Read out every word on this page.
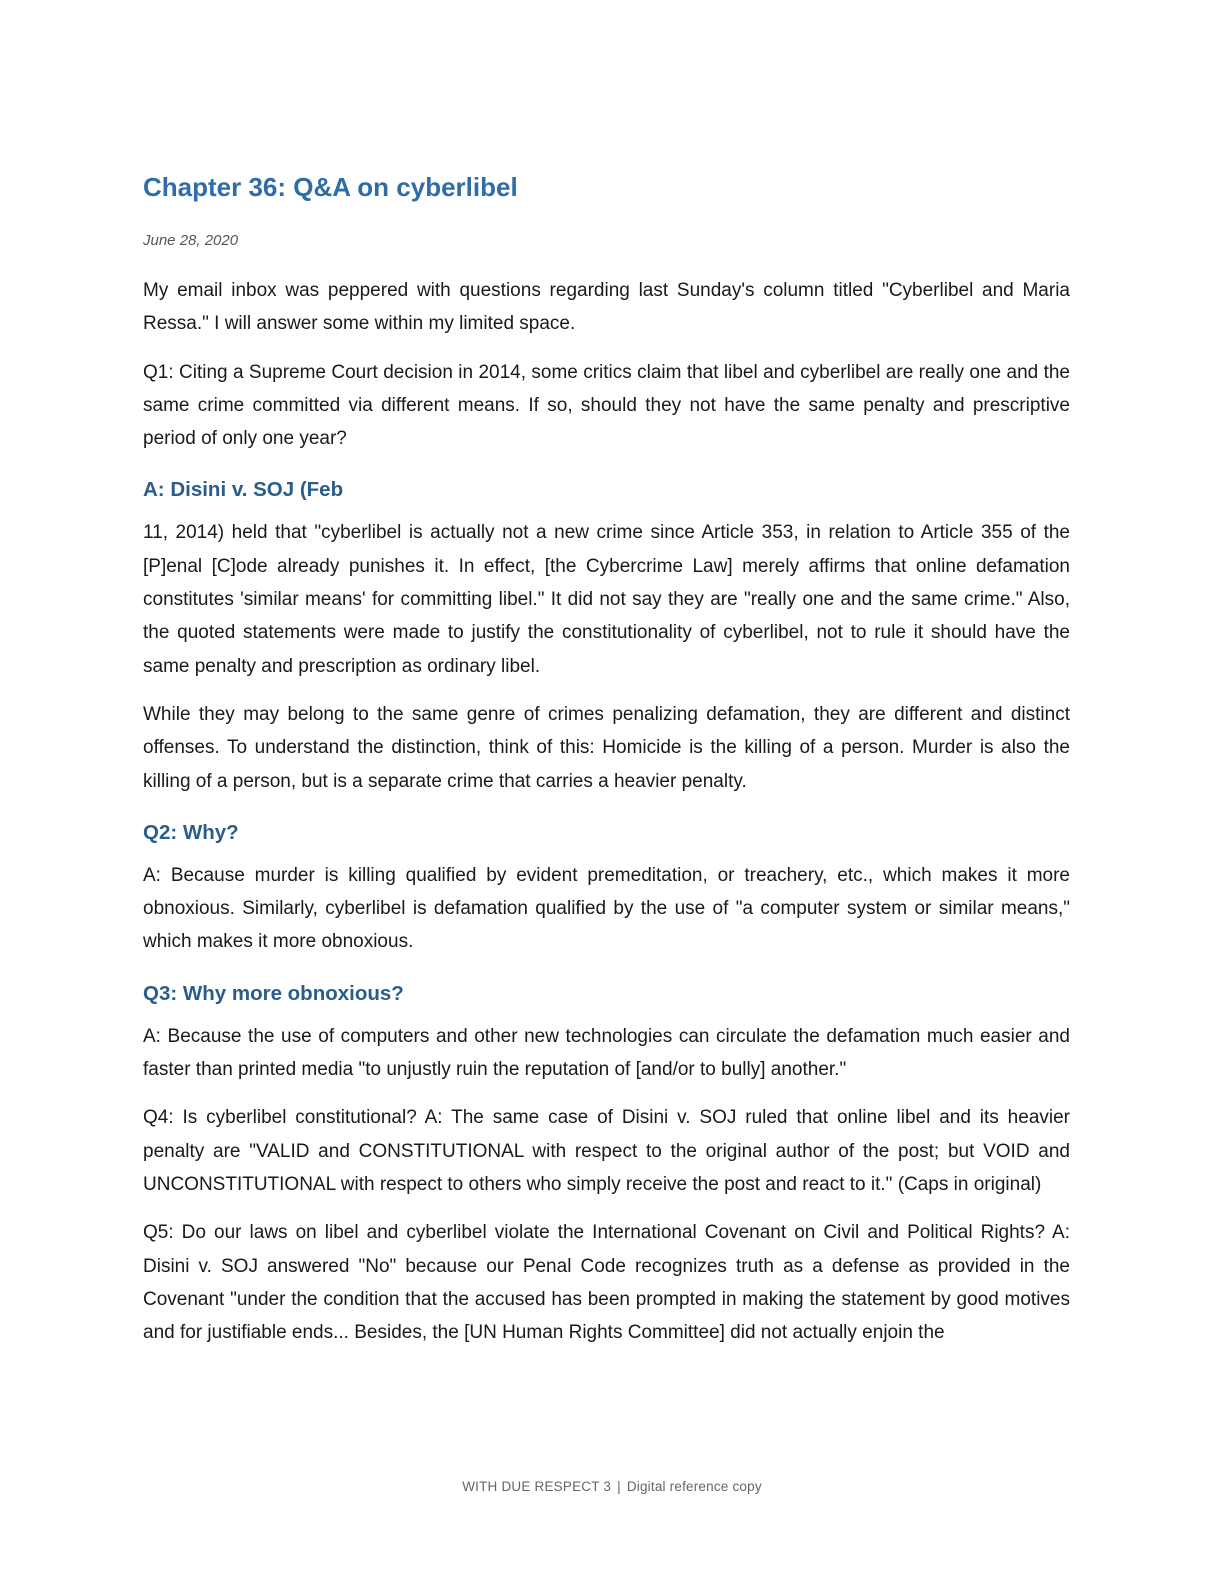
Chapter 36: Q&A on cyberlibel
June 28, 2020

My email inbox was peppered with questions regarding last Sunday's column titled "Cyberlibel and Maria Ressa." I will answer some within my limited space.

Q1: Citing a Supreme Court decision in 2014, some critics claim that libel and cyberlibel are really one and the same crime committed via different means. If so, should they not have the same penalty and prescriptive period of only one year?

A: Disini v. SOJ (Feb

11, 2014) held that "cyberlibel is actually not a new crime since Article 353, in relation to Article 355 of the [P]enal [C]ode already punishes it. In effect, [the Cybercrime Law] merely affirms that online defamation constitutes 'similar means' for committing libel." It did not say they are "really one and the same crime." Also, the quoted statements were made to justify the constitutionality of cyberlibel, not to rule it should have the same penalty and prescription as ordinary libel.

While they may belong to the same genre of crimes penalizing defamation, they are different and distinct offenses. To understand the distinction, think of this: Homicide is the killing of a person. Murder is also the killing of a person, but is a separate crime that carries a heavier penalty.

Q2: Why?

A: Because murder is killing qualified by evident premeditation, or treachery, etc., which makes it more obnoxious. Similarly, cyberlibel is defamation qualified by the use of "a computer system or similar means," which makes it more obnoxious.

Q3: Why more obnoxious?

A: Because the use of computers and other new technologies can circulate the defamation much easier and faster than printed media "to unjustly ruin the reputation of [and/or to bully] another."

Q4: Is cyberlibel constitutional? A: The same case of Disini v. SOJ ruled that online libel and its heavier penalty are "VALID and CONSTITUTIONAL with respect to the original author of the post; but VOID and UNCONSTITUTIONAL with respect to others who simply receive the post and react to it." (Caps in original)

Q5: Do our laws on libel and cyberlibel violate the International Covenant on Civil and Political Rights? A: Disini v. SOJ answered "No" because our Penal Code recognizes truth as a defense as provided in the Covenant "under the condition that the accused has been prompted in making the statement by good motives and for justifiable ends... Besides, the [UN Human Rights Committee] did not actually enjoin the

WITH DUE RESPECT 3 | Digital reference copy
